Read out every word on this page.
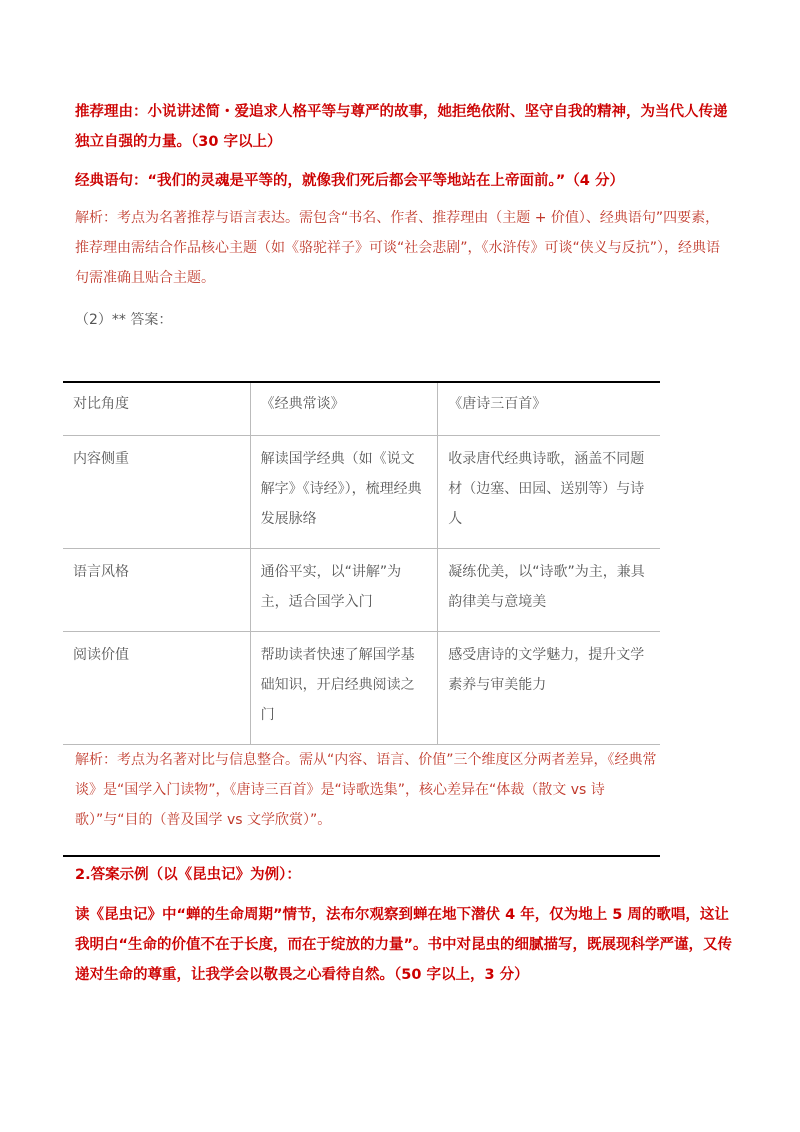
推荐理由：小说讲述简・爱追求人格平等与尊严的故事，她拒绝依附、坚守自我的精神，为当代人传递独立自强的力量。（30 字以上）
经典语句：“我们的灵魂是平等的，就像我们死后都会平等地站在上帝面前。”（4 分）
解析：考点为名著推荐与语言表达。需包含“书名、作者、推荐理由（主题 + 价值）、经典语句”四要素，推荐理由需结合作品核心主题（如《骆驼祥子》可谈“社会悲剧”，《水浒传》可谈“侠义与反抗”），经典语句需准确且贴合主题。
（2）** 答案：
对比角度	《经典常谈》	《唐诗三百首》
内容侧重	解读国学经典（如《说文解字》《诗经》），梳理经典发展脉络	收录唐代经典诗歌，涵盖不同题材（边塞、田园、送别等）与诗人
语言风格	通俗平实，以“讲解”为主，适合国学入门	凝练优美，以“诗歌”为主，兼具韵律美与意境美
阅读价值	帮助读者快速了解国学基础知识，开启经典阅读之门	感受唐诗的文学魅力，提升文学素养与审美能力
解析：考点为名著对比与信息整合。需从“内容、语言、价值”三个维度区分两者差异，《经典常谈》是“国学入门读物”，《唐诗三百首》是“诗歌选集”，核心差异在“体裁（散文 vs 诗歌）”与“目的（普及国学 vs 文学欣赏）”。
2.答案示例（以《昆虫记》为例）：
读《昆虫记》中“蝉的生命周期”情节，法布尔观察到蝉在地下潜伏 4 年，仅为地上 5 周的歌唱，这让我明白“生命的价值不在于长度，而在于绽放的力量”。书中对昆虫的细腻描写，既展现科学严谨，又传递对生命的尊重，让我学会以敬畏之心看待自然。（50 字以上，3 分）
